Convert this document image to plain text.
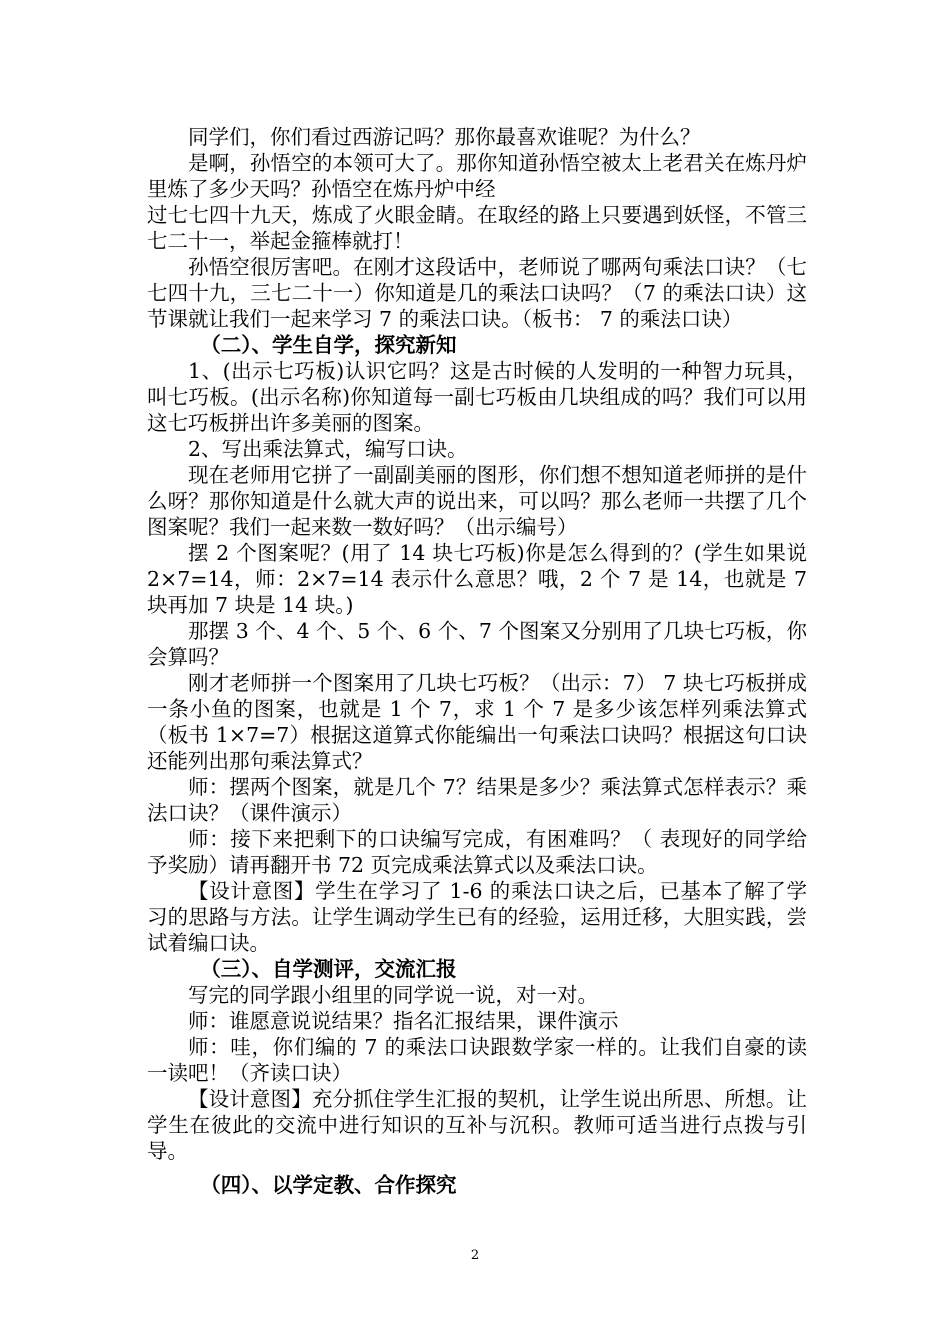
同学们，你们看过西游记吗？那你最喜欢谁呢？为什么？

是啊，孙悟空的本领可大了。那你知道孙悟空被太上老君关在炼丹炉里炼了多少天吗？孙悟空在炼丹炉中经

过七七四十九天，炼成了火眼金睛。在取经的路上只要遇到妖怪，不管三七二十一，举起金箍棒就打！

孙悟空很厉害吧。在刚才这段话中，老师说了哪两句乘法口诀？（七七四十九，三七二十一）你知道是几的乘法口诀吗？（7 的乘法口诀）这节课就让我们一起来学习 7 的乘法口诀。（板书： 7 的乘法口诀）

（二）、学生自学，探究新知

1、(出示七巧板)认识它吗？这是古时候的人发明的一种智力玩具，叫七巧板。(出示名称)你知道每一副七巧板由几块组成的吗？我们可以用这七巧板拼出许多美丽的图案。

2、写出乘法算式，编写口诀。

现在老师用它拼了一副副美丽的图形，你们想不想知道老师拼的是什么呀？那你知道是什么就大声的说出来，可以吗？那么老师一共摆了几个图案呢？我们一起来数一数好吗？（出示编号）

摆 2 个图案呢？(用了 14 块七巧板)你是怎么得到的？(学生如果说 2×7=14，师：2×7=14 表示什么意思？哦，2 个 7 是 14，也就是 7 块再加 7 块是 14 块。)

那摆 3 个、4 个、5 个、6 个、7 个图案又分别用了几块七巧板，你会算吗？

刚才老师拼一个图案用了几块七巧板？（出示：7） 7 块七巧板拼成一条小鱼的图案，也就是 1 个 7，求 1 个 7 是多少该怎样列乘法算式（板书 1×7=7）根据这道算式你能编出一句乘法口诀吗？根据这句口诀还能列出那句乘法算式？

师：摆两个图案，就是几个 7？结果是多少？乘法算式怎样表示？乘法口诀？（课件演示）

师：接下来把剩下的口诀编写完成，有困难吗？（ 表现好的同学给予奖励）请再翻开书 72 页完成乘法算式以及乘法口诀。

【设计意图】学生在学习了 1-6 的乘法口诀之后，已基本了解了学习的思路与方法。让学生调动学生已有的经验，运用迁移，大胆实践，尝试着编口诀。

（三）、自学测评，交流汇报

写完的同学跟小组里的同学说一说，对一对。

师：谁愿意说说结果？指名汇报结果，课件演示

师：哇，你们编的 7 的乘法口诀跟数学家一样的。让我们自豪的读一读吧！（齐读口诀）

【设计意图】充分抓住学生汇报的契机，让学生说出所思、所想。让学生在彼此的交流中进行知识的互补与沉积。教师可适当进行点拨与引导。

（四）、以学定教、合作探究

2
